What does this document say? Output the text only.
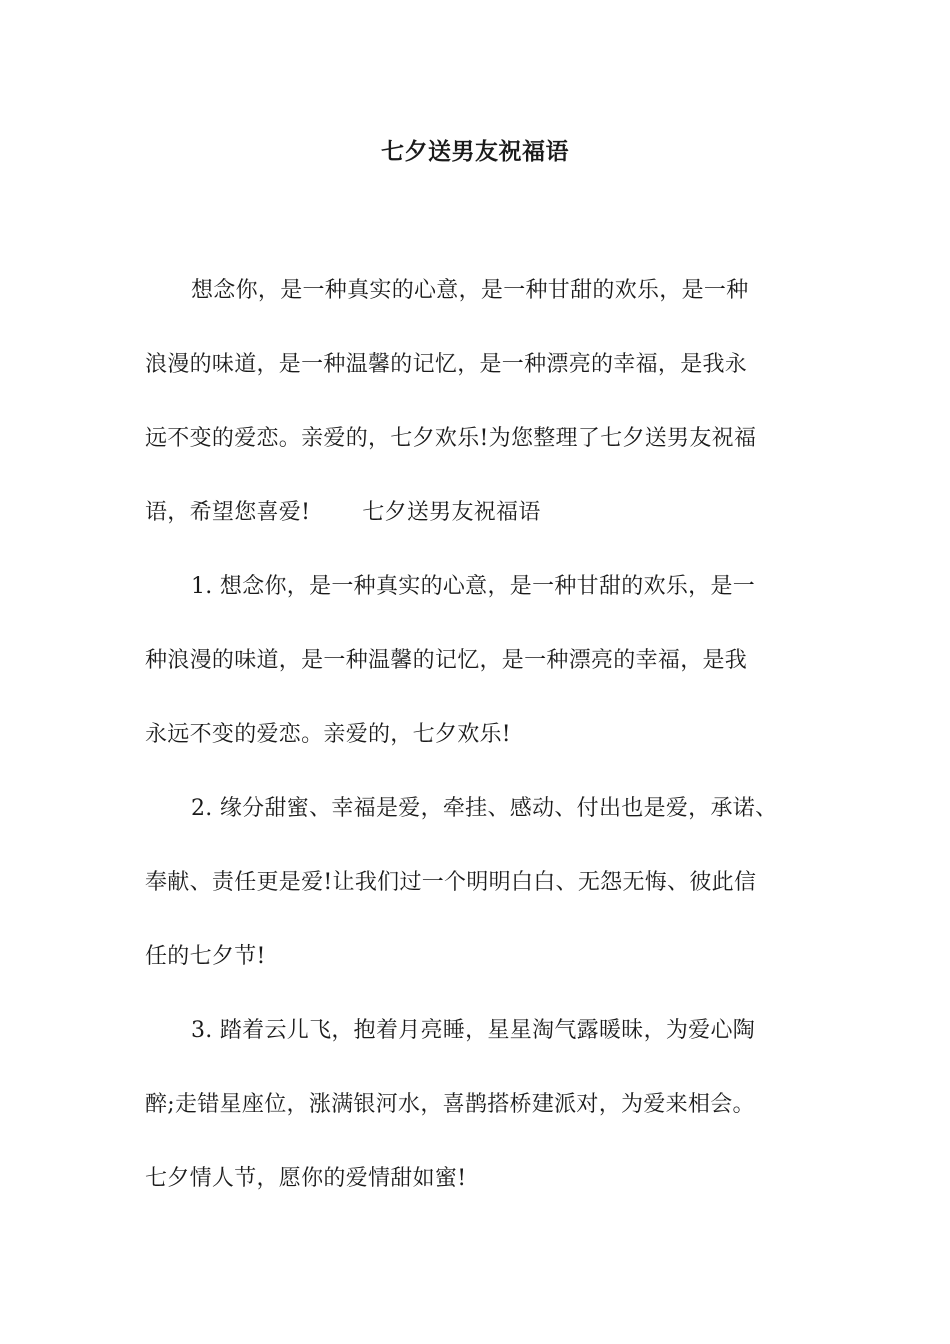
七夕送男友祝福语
想念你，是一种真实的心意，是一种甘甜的欢乐，是一种
浪漫的味道，是一种温馨的记忆，是一种漂亮的幸福，是我永
远不变的爱恋。亲爱的，七夕欢乐!为您整理了七夕送男友祝福
语，希望您喜爱! 七夕送男友祝福语
1. 想念你，是一种真实的心意，是一种甘甜的欢乐，是一
种浪漫的味道，是一种温馨的记忆，是一种漂亮的幸福，是我
永远不变的爱恋。亲爱的，七夕欢乐!
2. 缘分甜蜜、幸福是爱，牵挂、感动、付出也是爱，承诺、
奉献、责任更是爱!让我们过一个明明白白、无怨无悔、彼此信
任的七夕节!
3. 踏着云儿飞，抱着月亮睡，星星淘气露暖昧，为爱心陶
醉;走错星座位，涨满银河水，喜鹊搭桥建派对，为爱来相会。
七夕情人节，愿你的爱情甜如蜜!
